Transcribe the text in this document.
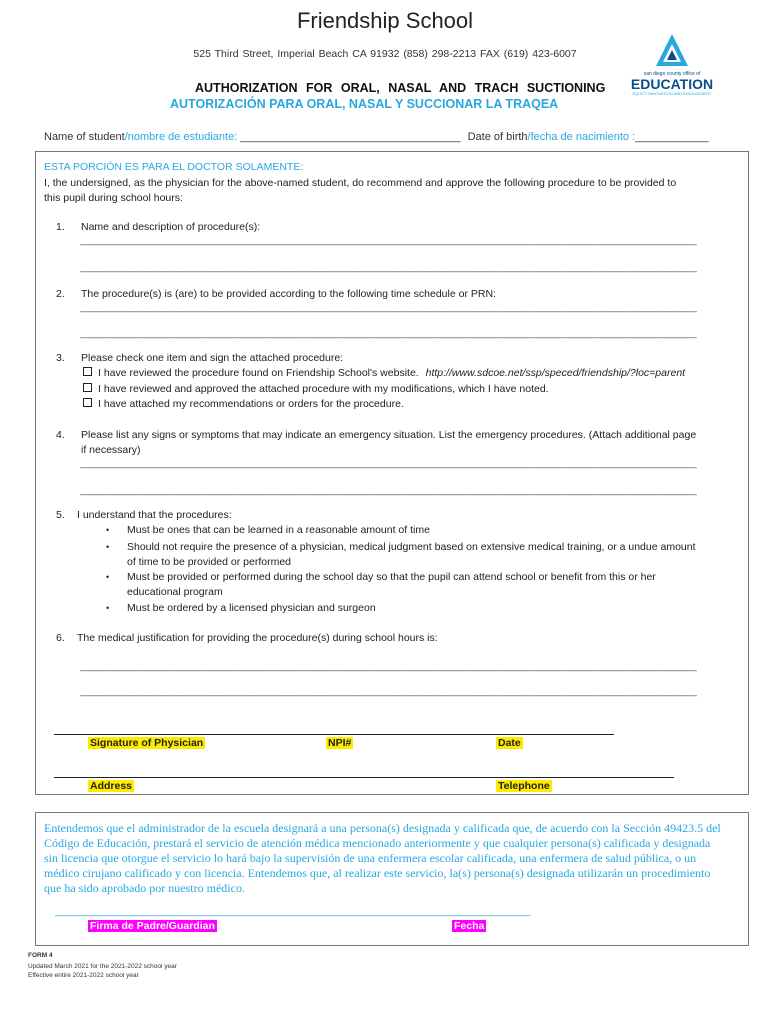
Friendship School
525 Third Street, Imperial Beach CA 91932 (858) 298-2213 FAX (619) 423-6007
san diego county office of
EDUCATION
EQUITY INNOVATION AND ENGAGEMENT
AUTHORIZATION FOR ORAL, NASAL AND TRACH SUCTIONING
AUTORIZACIÓN PARA ORAL, NASAL Y SUCCIONAR LA TRAQEA
Name of student/nombre de estudiante: ____________________________________ Date of birth/fecha de nacimiento :____________
ESTA PORCIÓN ES PARA EL DOCTOR SOLAMENTE:
I, the undersigned, as the physician for the above-named student, do recommend and approve the following procedure to be provided to
this pupil during school hours:
1. Name and description of procedure(s):
_______________________________________________________________________________________________________________________________________
_______________________________________________________________________________________________________________________________________
2. The procedure(s) is (are) to be provided according to the following time schedule or PRN:
_______________________________________________________________________________________________________________________________________
_______________________________________________________________________________________________________________________________________
3. Please check one item and sign the attached procedure:
I have reviewed the procedure found on Friendship School's website. http://www.sdcoe.net/ssp/speced/friendship/?loc=parent
I have reviewed and approved the attached procedure with my modifications, which I have noted.
I have attached my recommendations or orders for the procedure.
4. Please list any signs or symptoms that may indicate an emergency situation. List the emergency procedures. (Attach additional page
if necessary)
_______________________________________________________________________________________________________________________________________
_______________________________________________________________________________________________________________________________________
5. I understand that the procedures:
• Must be ones that can be learned in a reasonable amount of time
• Should not require the presence of a physician, medical judgment based on extensive medical training, or a undue amount
of time to be provided or performed
• Must be provided or performed during the school day so that the pupil can attend school or benefit from this or her
educational program
• Must be ordered by a licensed physician and surgeon
6. The medical justification for providing the procedure(s) during school hours is:
_______________________________________________________________________________________________________________________________________
_______________________________________________________________________________________________________________________________________
Signature of Physician	NPI#	Date
Address	Telephone
Entendemos que el administrador de la escuela designará a una persona(s) designada y calificada que, de acuerdo con la Sección 49423.5 del Código de Educación, prestará el servicio de atención médica mencionado anteriormente y que cualquier persona(s) calificada y designada sin licencia que otorgue el servicio lo hará bajo la supervisión de una enfermera escolar calificada, una enfermera de salud pública, o un médico cirujano calificado y con licencia. Entendemos que, al realizar este servicio, la(s) persona(s) designada utilizarán un procedimiento que ha sido aprobado por nuestro médico.
________________________________________________________________________________________________________
Firma de Padre/Guardian	Fecha
FORM 4
Updated March 2021 for the 2021-2022 school year
Effective entire 2021-2022 school year
